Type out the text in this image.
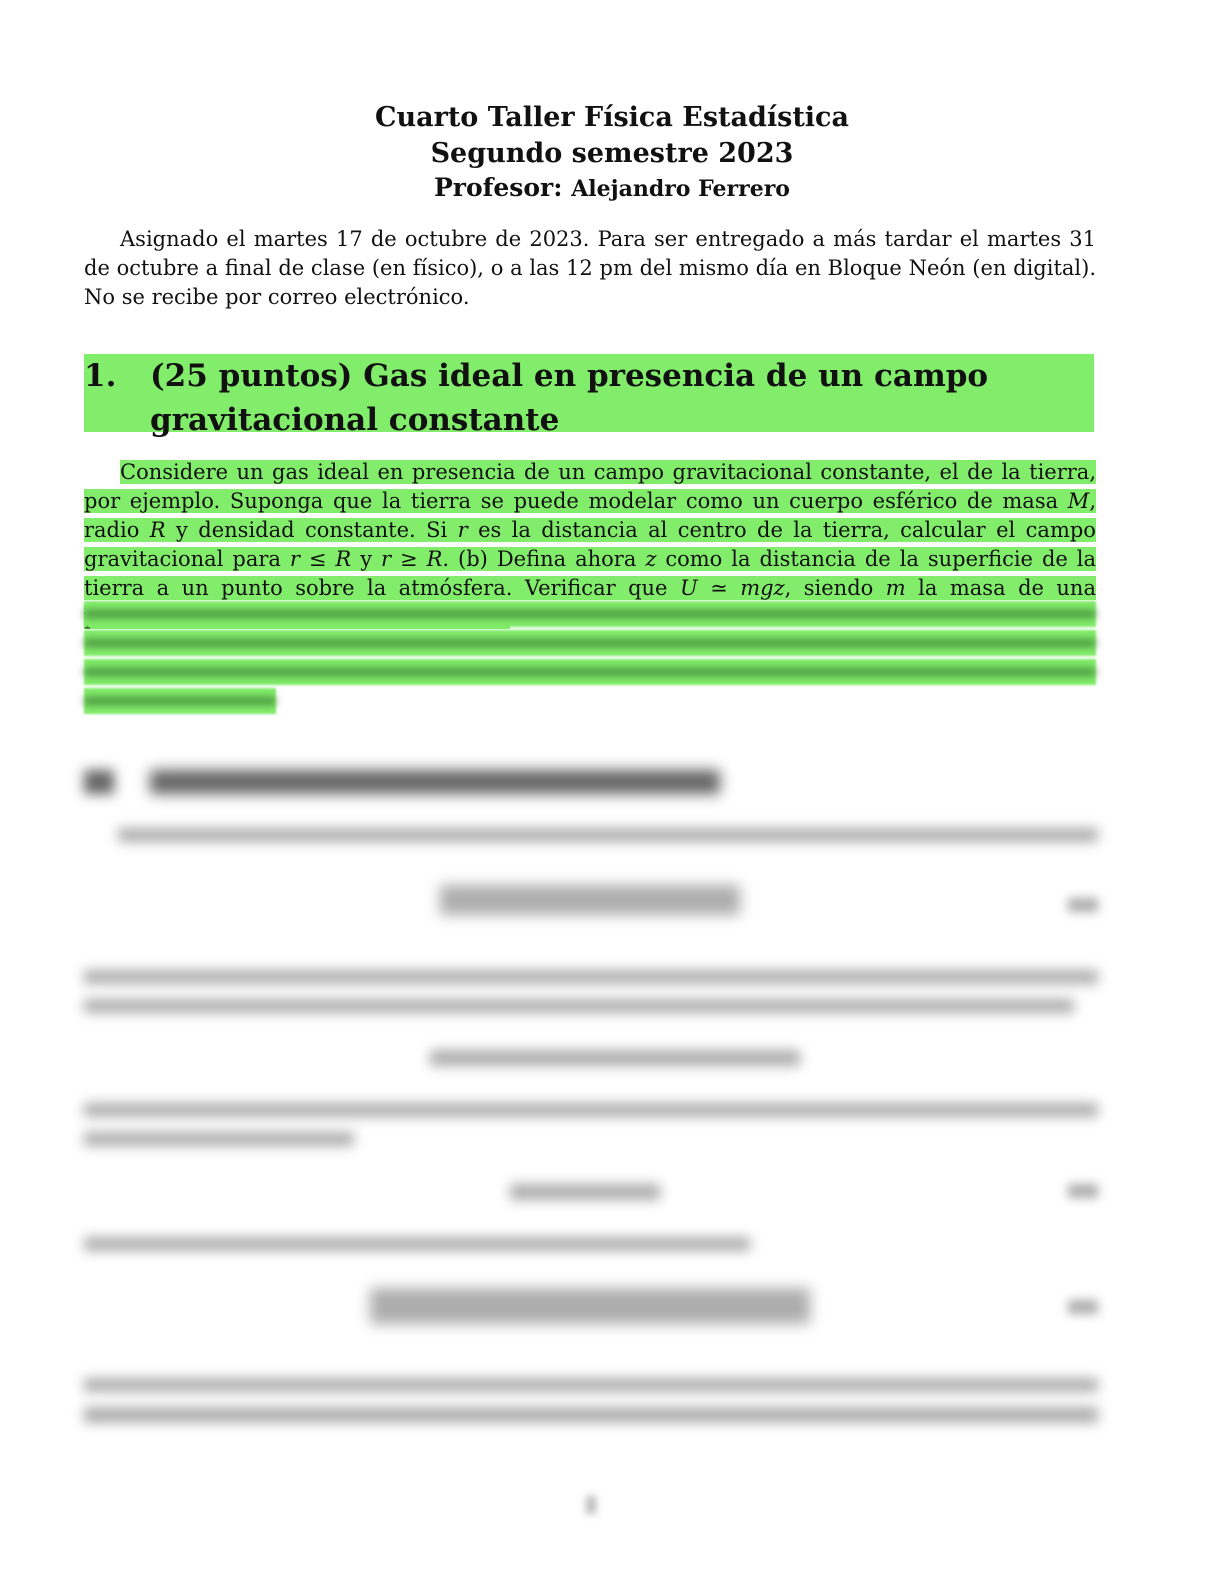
Cuarto Taller Física Estadística
Segundo semestre 2023
Profesor: Alejandro Ferrero
Asignado el martes 17 de octubre de 2023. Para ser entregado a más tardar el martes 31 de octubre a final de clase (en físico), o a las 12 pm del mismo día en Bloque Neón (en digital). No se recibe por correo electrónico.
1. (25 puntos) Gas ideal en presencia de un campo gravitacional constante
Considere un gas ideal en presencia de un campo gravitacional constante, el de la tierra, por ejemplo. Suponga que la tierra se puede modelar como un cuerpo esférico de masa M, radio R y densidad constante. Si r es la distancia al centro de la tierra, calcular el campo gravitacional para r ≤ R y r ≥ R. (b) Defina ahora z como la distancia de la superficie de la tierra a un punto sobre la atmósfera. Verificar que U ≃ mgz, siendo m la masa de una
